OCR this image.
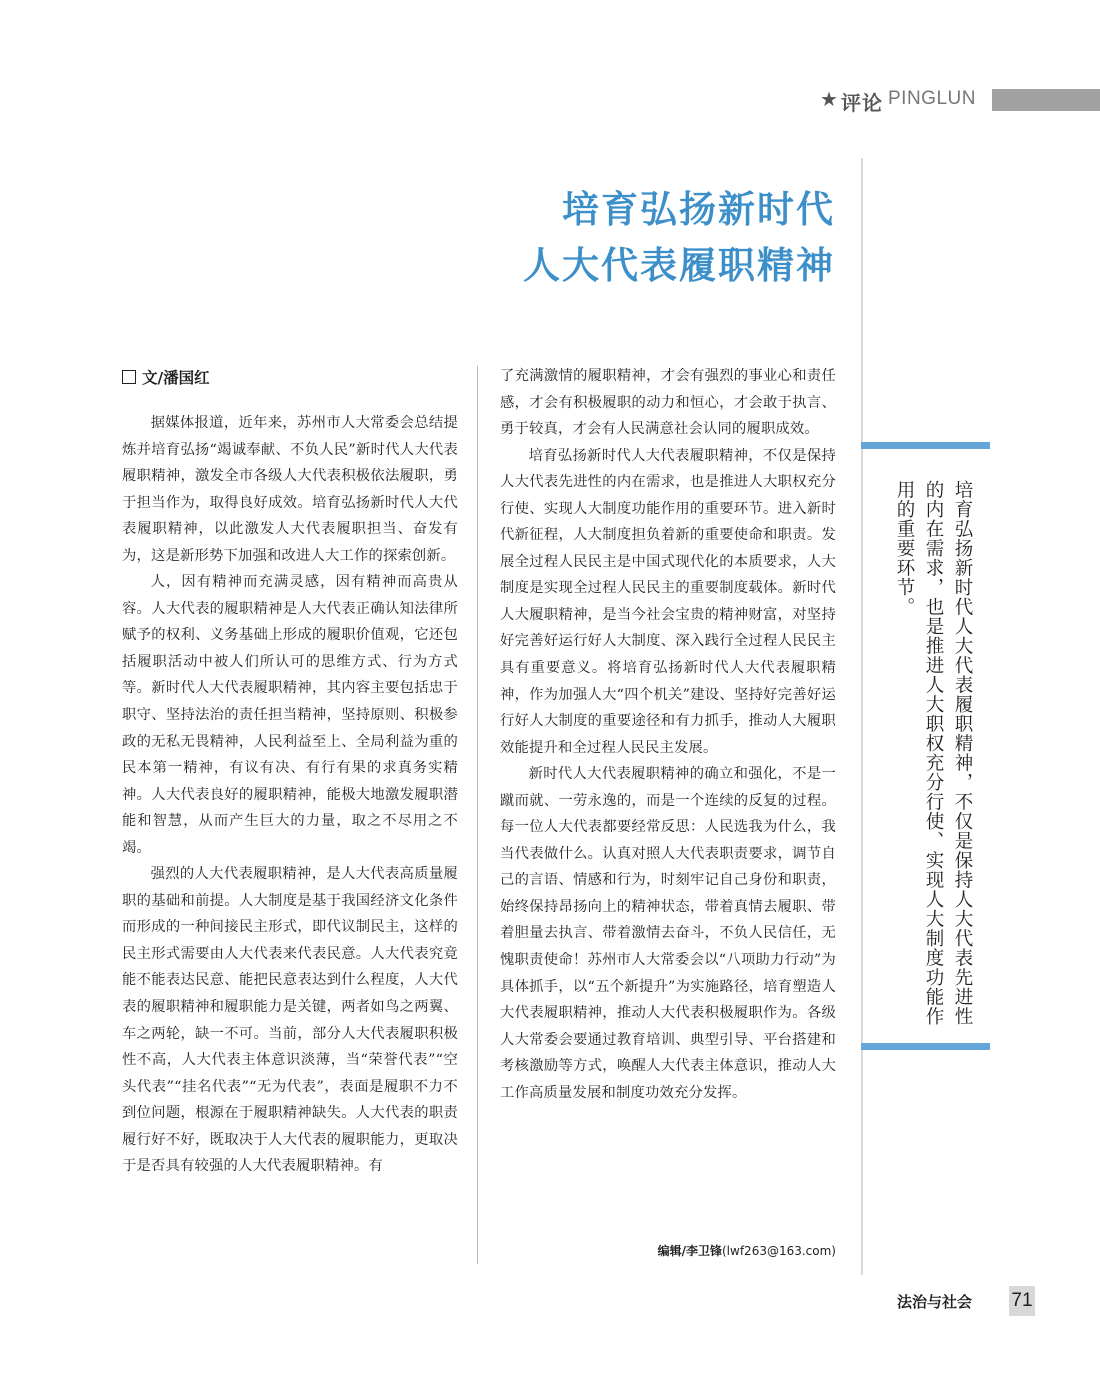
★ 评论 PINGLUN
培育弘扬新时代
人大代表履职精神
文/潘国红

据媒体报道，近年来，苏州市人大常委会总结提炼并培育弘扬“竭诚奉献、不负人民”新时代人大代表履职精神，激发全市各级人大代表积极依法履职，勇于担当作为，取得良好成效。培育弘扬新时代人大代表履职精神，以此激发人大代表履职担当、奋发有为，这是新形势下加强和改进人大工作的探索创新。

人，因有精神而充满灵感，因有精神而高贵从容。人大代表的履职精神是人大代表正确认知法律所赋予的权利、义务基础上形成的履职价值观，它还包括履职活动中被人们所认可的思维方式、行为方式等。新时代人大代表履职精神，其内容主要包括忠于职守、坚持法治的责任担当精神，坚持原则、积极参政的无私无畏精神，人民利益至上、全局利益为重的民本第一精神，有议有决、有行有果的求真务实精神。人大代表良好的履职精神，能极大地激发履职潜能和智慧，从而产生巨大的力量，取之不尽用之不竭。

强烈的人大代表履职精神，是人大代表高质量履职的基础和前提。人大制度是基于我国经济文化条件而形成的一种间接民主形式，即代议制民主，这样的民主形式需要由人大代表来代表民意。人大代表究竟能不能表达民意、能把民意表达到什么程度，人大代表的履职精神和履职能力是关键，两者如鸟之两翼、车之两轮，缺一不可。当前，部分人大代表履职积极性不高，人大代表主体意识淡薄，当“荣誉代表”“空头代表”“挂名代表”“无为代表”，表面是履职不力不到位问题，根源在于履职精神缺失。人大代表的职责履行好不好，既取决于人大代表的履职能力，更取决于是否具有较强的人大代表履职精神。有

了充满激情的履职精神，才会有强烈的事业心和责任感，才会有积极履职的动力和恒心，才会敢于执言、勇于较真，才会有人民满意社会认同的履职成效。

培育弘扬新时代人大代表履职精神，不仅是保持人大代表先进性的内在需求，也是推进人大职权充分行使、实现人大制度功能作用的重要环节。进入新时代新征程，人大制度担负着新的重要使命和职责。发展全过程人民民主是中国式现代化的本质要求，人大制度是实现全过程人民民主的重要制度载体。新时代人大履职精神，是当今社会宝贵的精神财富，对坚持好完善好运行好人大制度、深入践行全过程人民民主具有重要意义。将培育弘扬新时代人大代表履职精神，作为加强人大“四个机关”建设、坚持好完善好运行好人大制度的重要途径和有力抓手，推动人大履职效能提升和全过程人民民主发展。

新时代人大代表履职精神的确立和强化，不是一蹴而就、一劳永逸的，而是一个连续的反复的过程。每一位人大代表都要经常反思：人民选我为什么，我当代表做什么。认真对照人大代表职责要求，调节自己的言语、情感和行为，时刻牢记自己身份和职责，始终保持昂扬向上的精神状态，带着真情去履职、带着胆量去执言、带着激情去奋斗，不负人民信任，无愧职责使命！苏州市人大常委会以“八项助力行动”为具体抓手，以“五个新提升”为实施路径，培育塑造人大代表履职精神，推动人大代表积极履职作为。各级人大常委会要通过教育培训、典型引导、平台搭建和考核激励等方式，唤醒人大代表主体意识，推动人大工作高质量发展和制度功效充分发挥。

编辑/李卫锋(lwf263@163.com)
培育弘扬新时代人大代表履职精神，不仅是保持人大代表先进性的内在需求，也是推进人大职权充分行使、实现人大制度功能作用的重要环节。
法治与社会 71
